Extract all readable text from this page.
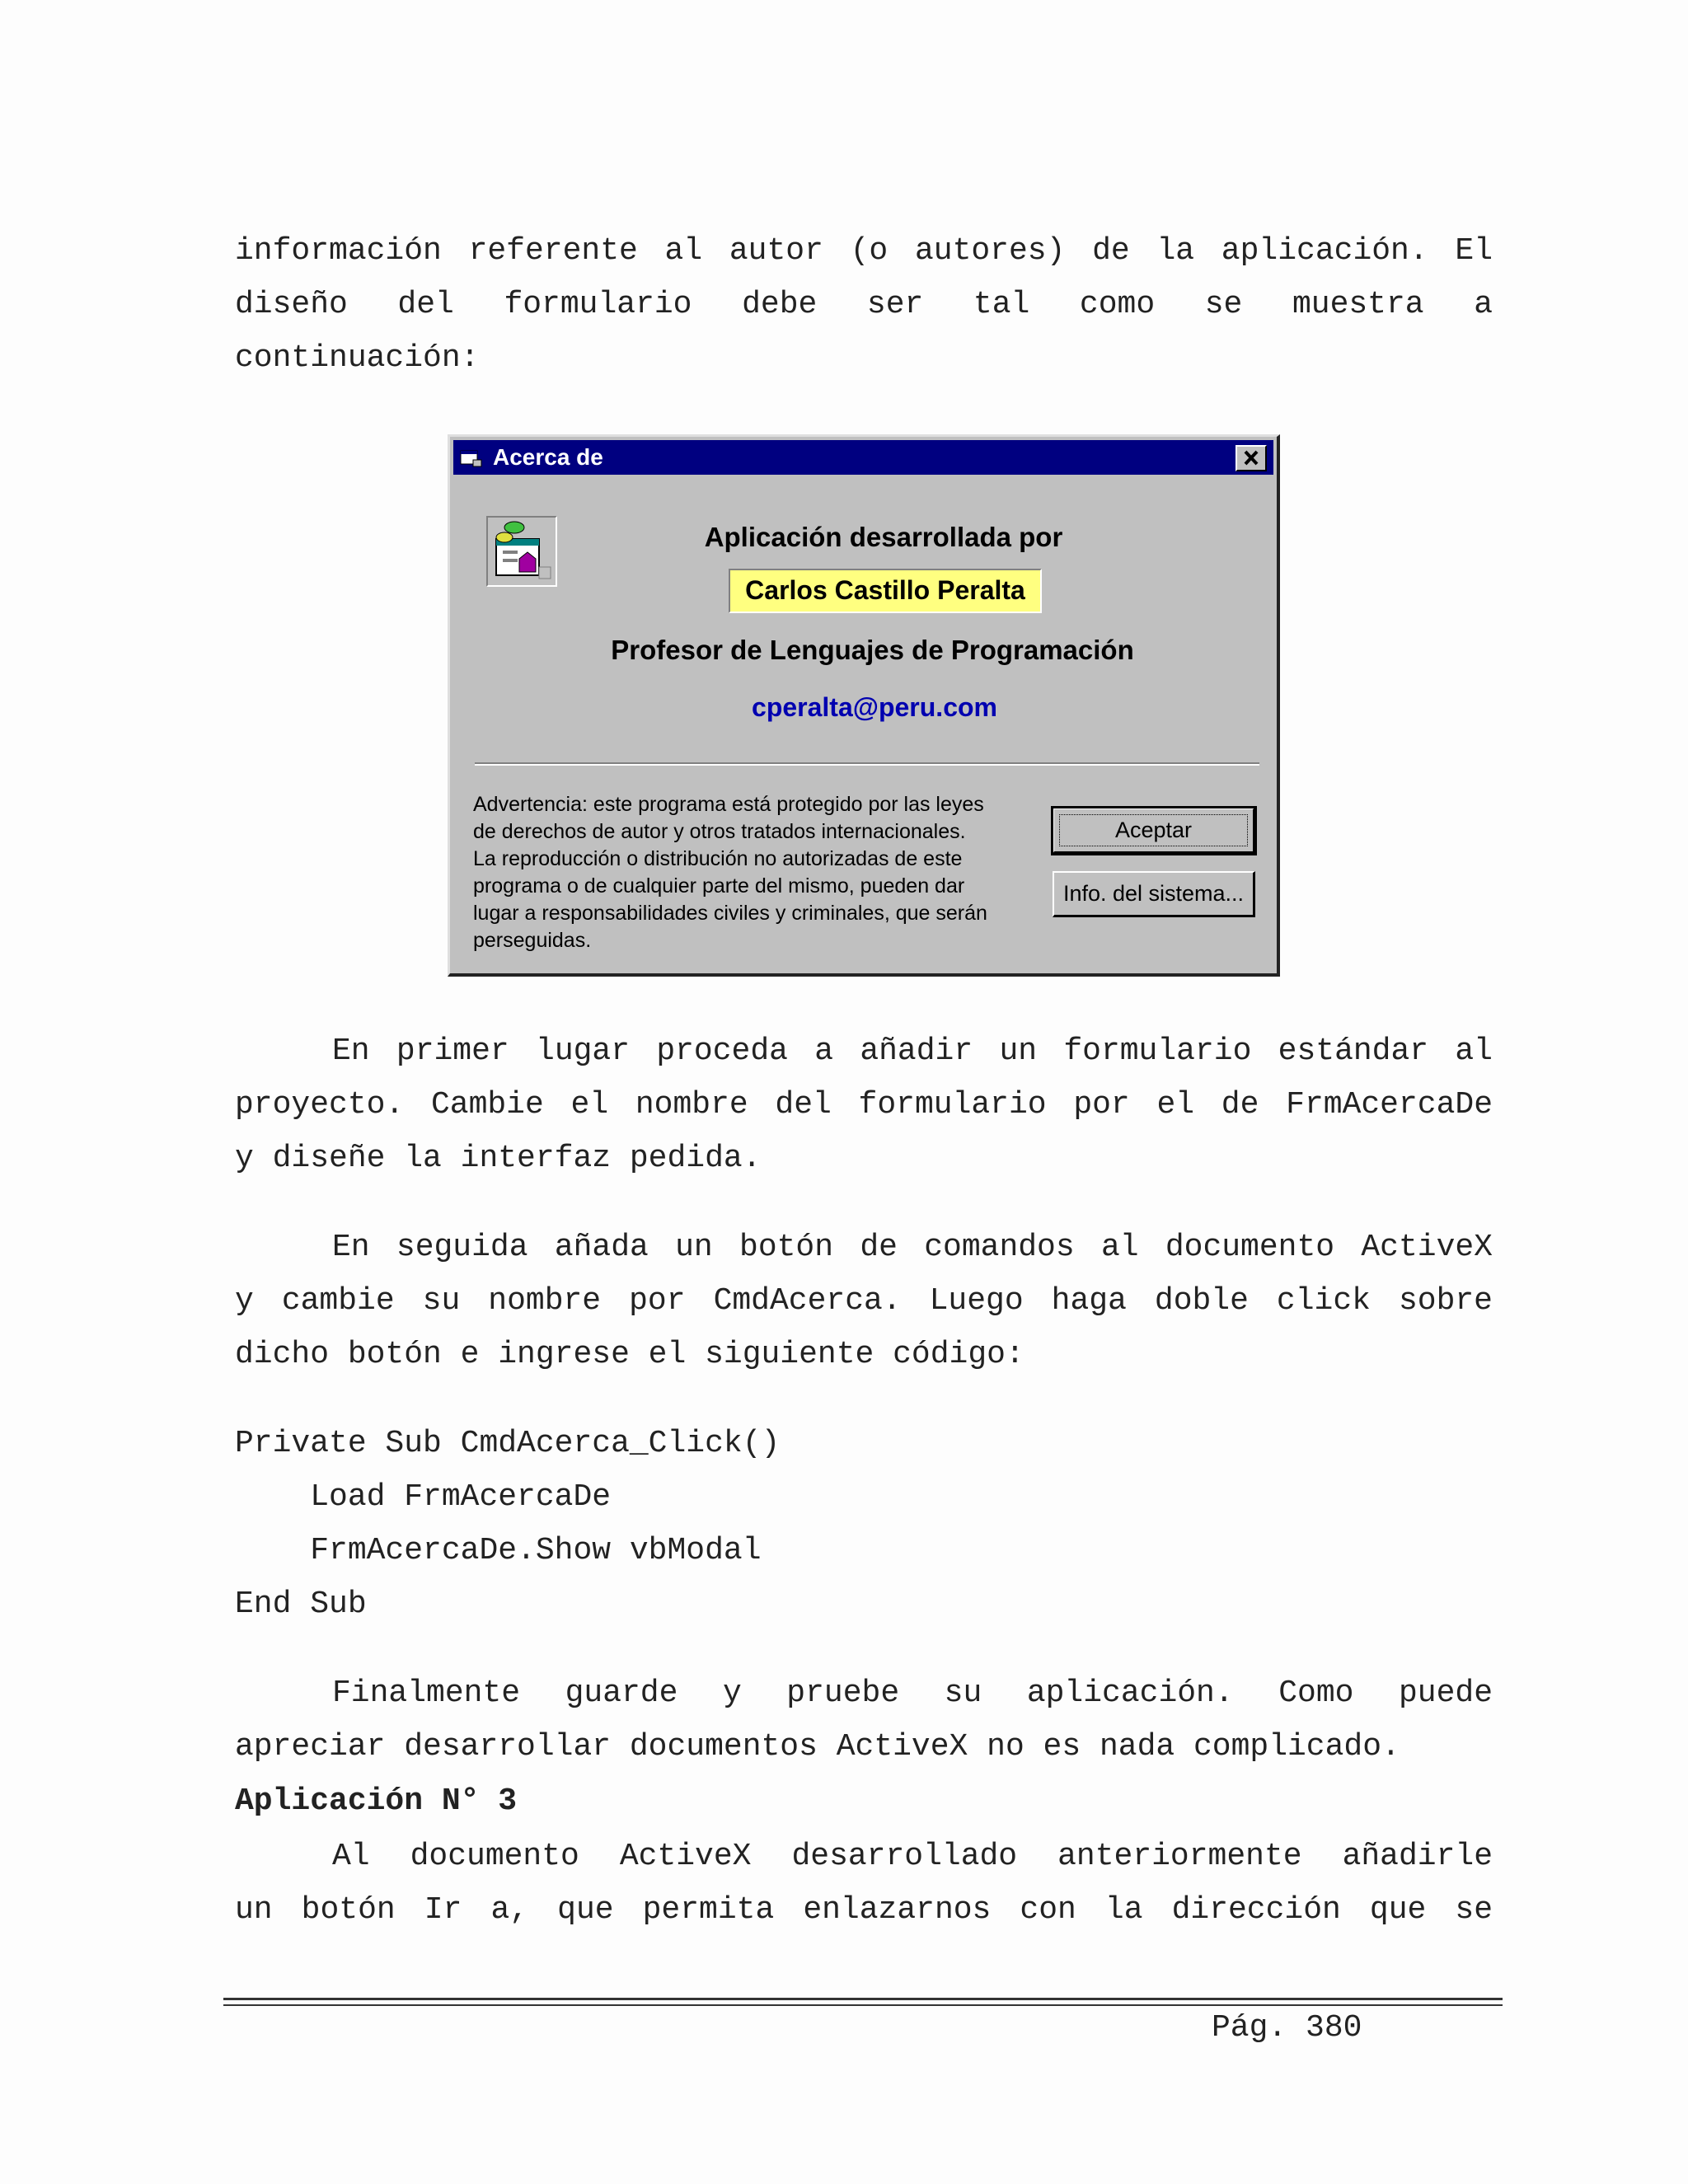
información referente al autor (o autores) de la aplicación. El

diseño del formulario debe ser tal como se muestra a

continuación:

Acerca de
Aplicación desarrollada por
Carlos Castillo Peralta
Profesor de Lenguajes de Programación
cperalta@peru.com
Advertencia: este programa está protegido por las leyes
de derechos de autor y otros tratados internacionales.
La reproducción o distribución no autorizadas de este
programa o de cualquier parte del mismo, pueden dar
lugar a responsabilidades civiles y criminales, que serán
perseguidas.
Aceptar
Info. del sistema...

En primer lugar proceda a añadir un formulario estándar al

proyecto. Cambie el nombre del formulario por el de FrmAcercaDe

y diseñe la interfaz pedida.

En seguida añada un botón de comandos al documento ActiveX

y cambie su nombre por CmdAcerca. Luego haga doble click sobre

dicho botón e ingrese el siguiente código:

Private Sub CmdAcerca_Click()

Load FrmAcercaDe

FrmAcercaDe.Show vbModal

End Sub

Finalmente guarde y pruebe su aplicación. Como puede

apreciar desarrollar documentos ActiveX no es nada complicado.

Aplicación N° 3

Al documento ActiveX desarrollado anteriormente añadirle

un botón Ir a, que permita enlazarnos con la dirección que se

Pág. 380
